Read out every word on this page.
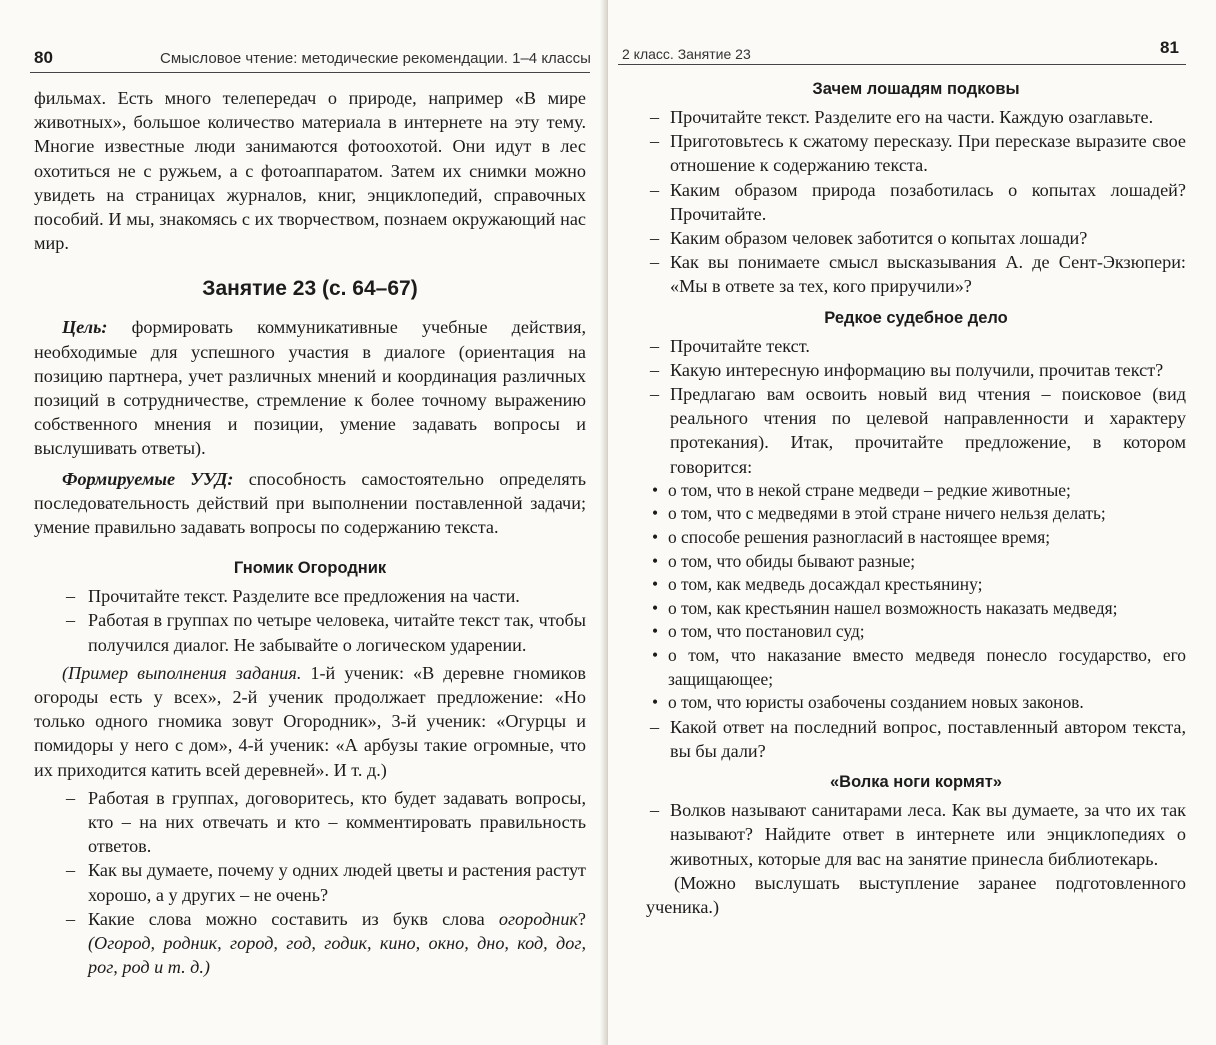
80	Смысловое чтение: методические рекомендации. 1–4 классы

фильмах. Есть много телепередач о природе, например «В мире животных», большое количество материала в интернете на эту тему. Многие известные люди занимаются фотоохотой. Они идут в лес охотиться не с ружьем, а с фотоаппаратом. Затем их снимки можно увидеть на страницах журналов, книг, энциклопедий, справочных пособий. И мы, знакомясь с их творчеством, познаем окружающий нас мир.

Занятие 23 (с. 64–67)

Цель: формировать коммуникативные учебные действия, необходимые для успешного участия в диалоге (ориентация на позицию партнера, учет различных мнений и координация различных позиций в сотрудничестве, стремление к более точному выражению собственного мнения и позиции, умение задавать вопросы и выслушивать ответы).

Формируемые УУД: способность самостоятельно определять последовательность действий при выполнении поставленной задачи; умение правильно задавать вопросы по содержанию текста.

Гномик Огородник

– Прочитайте текст. Разделите все предложения на части.

– Работая в группах по четыре человека, читайте текст так, чтобы получился диалог. Не забывайте о логическом ударении.

(Пример выполнения задания. 1-й ученик: «В деревне гномиков огороды есть у всех», 2-й ученик продолжает предложение: «Но только одного гномика зовут Огородник», 3-й ученик: «Огурцы и помидоры у него с дом», 4-й ученик: «А арбузы такие огромные, что их приходится катить всей деревней». И т. д.)

– Работая в группах, договоритесь, кто будет задавать вопросы, кто – на них отвечать и кто – комментировать правильность ответов.

– Как вы думаете, почему у одних людей цветы и растения растут хорошо, а у других – не очень?

– Какие слова можно составить из букв слова огородник? (Огород, родник, город, год, годик, кино, окно, дно, код, дог, рог, род и т. д.)

2 класс. Занятие 23	81
Зачем лошадям подковы

– Прочитайте текст. Разделите его на части. Каждую озаглавьте.

– Приготовьтесь к сжатому пересказу. При пересказе выразите свое отношение к содержанию текста.

– Каким образом природа позаботилась о копытах лошадей? Прочитайте.

– Каким образом человек заботится о копытах лошади?

– Как вы понимаете смысл высказывания А. де Сент-Экзюпери: «Мы в ответе за тех, кого приручили»?

Редкое судебное дело

– Прочитайте текст.

– Какую интересную информацию вы получили, прочитав текст?

– Предлагаю вам освоить новый вид чтения – поисковое (вид реального чтения по целевой направленности и характеру протекания). Итак, прочитайте предложение, в котором говорится:

• о том, что в некой стране медведи – редкие животные;

• о том, что с медведями в этой стране ничего нельзя делать;

• о способе решения разногласий в настоящее время;

• о том, что обиды бывают разные;

• о том, как медведь досаждал крестьянину;

• о том, как крестьянин нашел возможность наказать медведя;

• о том, что постановил суд;

• о том, что наказание вместо медведя понесло государство, его защищающее;

• о том, что юристы озабочены созданием новых законов.

– Какой ответ на последний вопрос, поставленный автором текста, вы бы дали?

«Волка ноги кормят»

– Волков называют санитарами леса. Как вы думаете, за что их так называют? Найдите ответ в интернете или энциклопедиях о животных, которые для вас на занятие принесла библиотекарь.

(Можно выслушать выступление заранее подготовленного ученика.)
